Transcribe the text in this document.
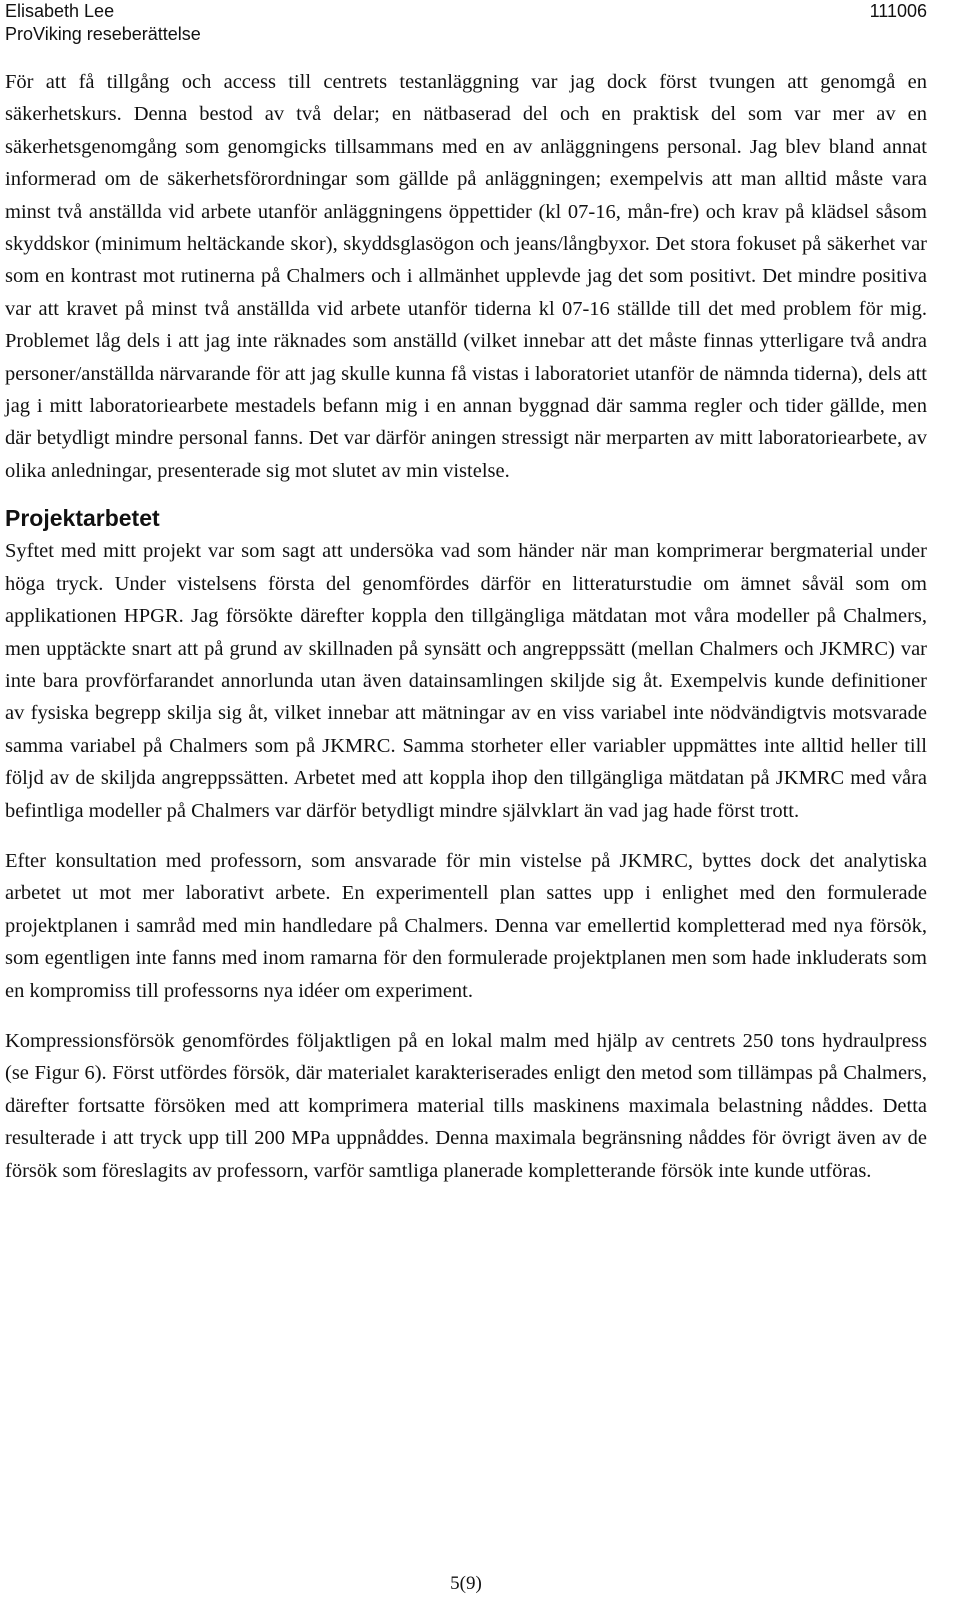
Elisabeth Lee	111006
ProViking reseberättelse

För att få tillgång och access till centrets testanläggning var jag dock först tvungen att genomgå en säkerhetskurs. Denna bestod av två delar; en nätbaserad del och en praktisk del som var mer av en säkerhetsgenomgång som genomgicks tillsammans med en av anläggningens personal. Jag blev bland annat informerad om de säkerhetsförordningar som gällde på anläggningen; exempelvis att man alltid måste vara minst två anställda vid arbete utanför anläggningens öppettider (kl 07-16, mån-fre) och krav på klädsel såsom skyddskor (minimum heltäckande skor), skyddsglasögon och jeans/långbyxor. Det stora fokuset på säkerhet var som en kontrast mot rutinerna på Chalmers och i allmänhet upplevde jag det som positivt. Det mindre positiva var att kravet på minst två anställda vid arbete utanför tiderna kl 07-16 ställde till det med problem för mig. Problemet låg dels i att jag inte räknades som anställd (vilket innebar att det måste finnas ytterligare två andra personer/anställda närvarande för att jag skulle kunna få vistas i laboratoriet utanför de nämnda tiderna), dels att jag i mitt laboratoriearbete mestadels befann mig i en annan byggnad där samma regler och tider gällde, men där betydligt mindre personal fanns. Det var därför aningen stressigt när merparten av mitt laboratoriearbete, av olika anledningar, presenterade sig mot slutet av min vistelse.

Projektarbetet

Syftet med mitt projekt var som sagt att undersöka vad som händer när man komprimerar bergmaterial under höga tryck. Under vistelsens första del genomfördes därför en litteraturstudie om ämnet såväl som om applikationen HPGR. Jag försökte därefter koppla den tillgängliga mätdatan mot våra modeller på Chalmers, men upptäckte snart att på grund av skillnaden på synsätt och angreppssätt (mellan Chalmers och JKMRC) var inte bara provförfarandet annorlunda utan även datainsamlingen skiljde sig åt. Exempelvis kunde definitioner av fysiska begrepp skilja sig åt, vilket innebar att mätningar av en viss variabel inte nödvändigtvis motsvarade samma variabel på Chalmers som på JKMRC. Samma storheter eller variabler uppmättes inte alltid heller till följd av de skiljda angreppssätten. Arbetet med att koppla ihop den tillgängliga mätdatan på JKMRC med våra befintliga modeller på Chalmers var därför betydligt mindre självklart än vad jag hade först trott.

Efter konsultation med professorn, som ansvarade för min vistelse på JKMRC, byttes dock det analytiska arbetet ut mot mer laborativt arbete. En experimentell plan sattes upp i enlighet med den formulerade projektplanen i samråd med min handledare på Chalmers. Denna var emellertid kompletterad med nya försök, som egentligen inte fanns med inom ramarna för den formulerade projektplanen men som hade inkluderats som en kompromiss till professorns nya idéer om experiment.

Kompressionsförsök genomfördes följaktligen på en lokal malm med hjälp av centrets 250 tons hydraulpress (se Figur 6). Först utfördes försök, där materialet karakteriserades enligt den metod som tillämpas på Chalmers, därefter fortsatte försöken med att komprimera material tills maskinens maximala belastning nåddes. Detta resulterade i att tryck upp till 200 MPa uppnåddes. Denna maximala begränsning nåddes för övrigt även av de försök som föreslagits av professorn, varför samtliga planerade kompletterande försök inte kunde utföras.

5(9)
